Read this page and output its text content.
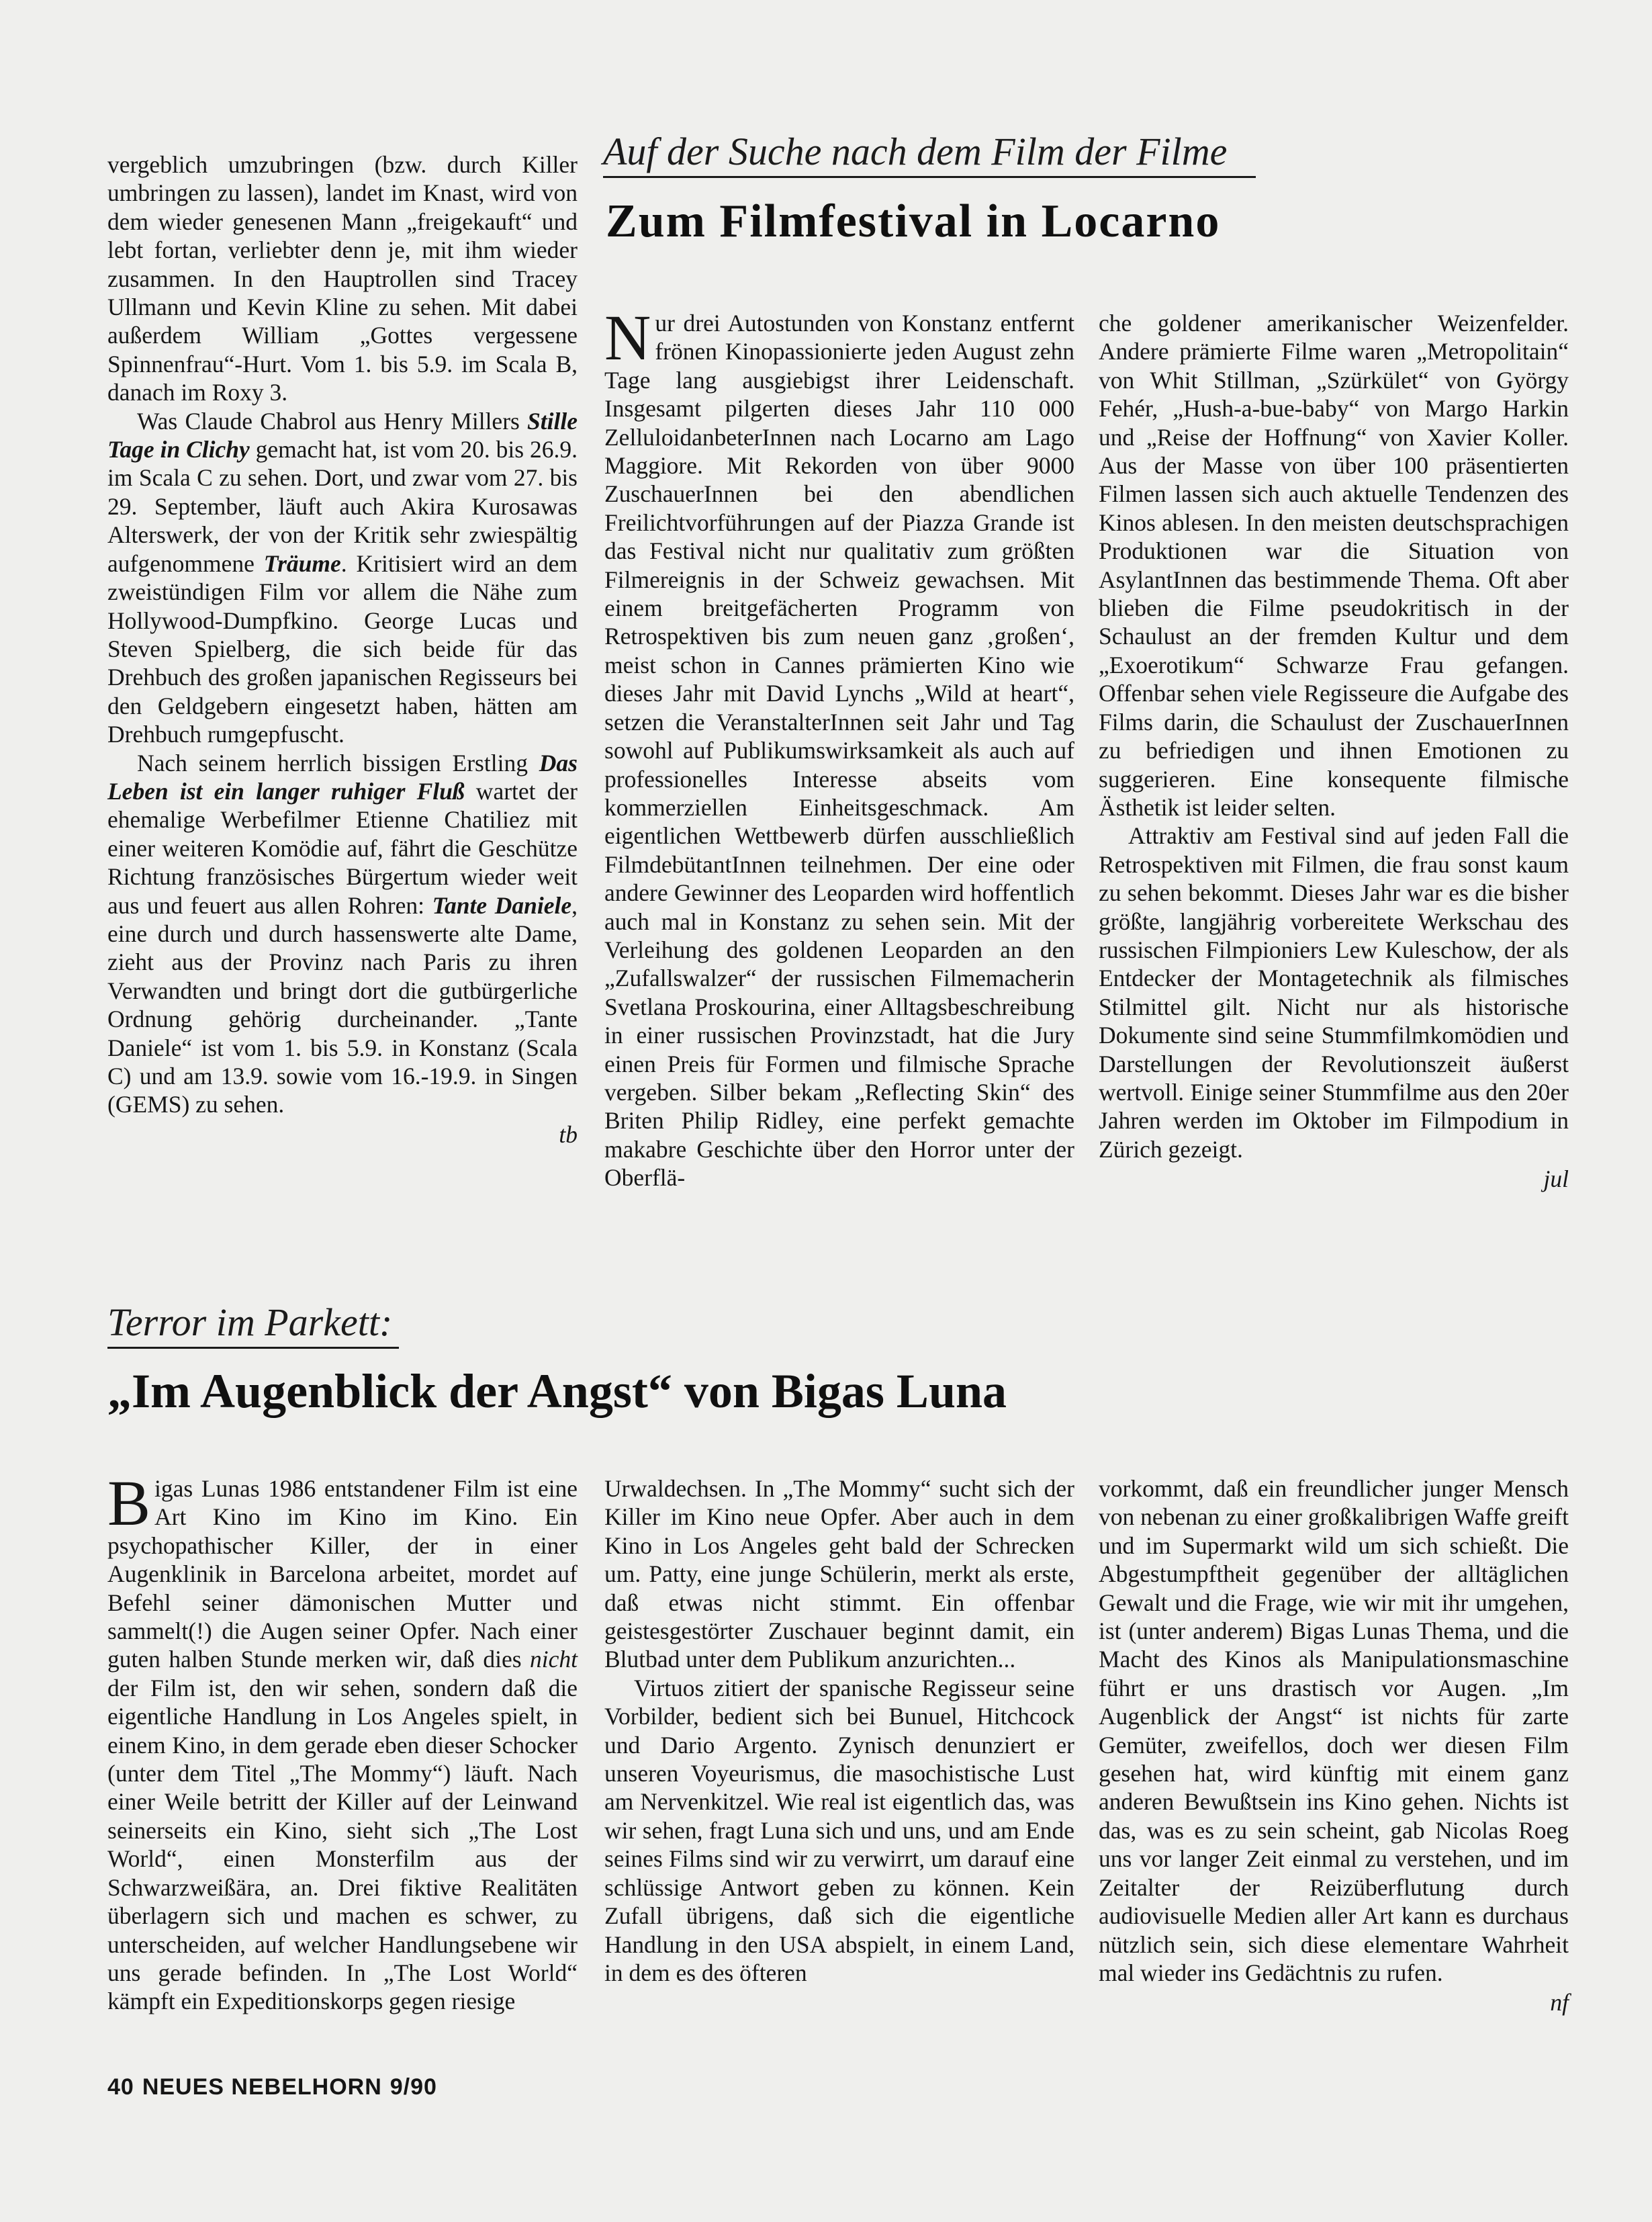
vergeblich umzubringen (bzw. durch Killer umbringen zu lassen), landet im Knast, wird von dem wieder genesenen Mann „freigekauft“ und lebt fortan, verliebter denn je, mit ihm wieder zusammen. In den Hauptrollen sind Tracey Ullmann und Kevin Kline zu sehen. Mit dabei außerdem William „Gottes vergessene Spinnenfrau“-Hurt. Vom 1. bis 5.9. im Scala B, danach im Roxy 3.

Was Claude Chabrol aus Henry Millers Stille Tage in Clichy gemacht hat, ist vom 20. bis 26.9. im Scala C zu sehen. Dort, und zwar vom 27. bis 29. September, läuft auch Akira Kurosawas Alterswerk, der von der Kritik sehr zwiespältig aufgenommene Träume. Kritisiert wird an dem zweistündigen Film vor allem die Nähe zum Hollywood-Dumpfkino. George Lucas und Steven Spielberg, die sich beide für das Drehbuch des großen japanischen Regisseurs bei den Geldgebern eingesetzt haben, hätten am Drehbuch rumgepfuscht.

Nach seinem herrlich bissigen Erstling Das Leben ist ein langer ruhiger Fluß wartet der ehemalige Werbefilmer Etienne Chatiliez mit einer weiteren Komödie auf, fährt die Geschütze Richtung französisches Bürgertum wieder weit aus und feuert aus allen Rohren: Tante Daniele, eine durch und durch hassenswerte alte Dame, zieht aus der Provinz nach Paris zu ihren Verwandten und bringt dort die gutbürgerliche Ordnung gehörig durcheinander. „Tante Daniele“ ist vom 1. bis 5.9. in Konstanz (Scala C) und am 13.9. sowie vom 16.-19.9. in Singen (GEMS) zu sehen.

tb
Auf der Suche nach dem Film der Filme
Zum Filmfestival in Locarno

Nur drei Autostunden von Konstanz entfernt frönen Kinopassionierte jeden August zehn Tage lang ausgiebigst ihrer Leidenschaft. Insgesamt pilgerten dieses Jahr 110 000 ZelluloidanbeterInnen nach Locarno am Lago Maggiore. Mit Rekorden von über 9000 ZuschauerInnen bei den abendlichen Freilichtvorführungen auf der Piazza Grande ist das Festival nicht nur qualitativ zum größten Filmereignis in der Schweiz gewachsen. Mit einem breitgefächerten Programm von Retrospektiven bis zum neuen ganz ‚großen‘, meist schon in Cannes prämierten Kino wie dieses Jahr mit David Lynchs „Wild at heart“, setzen die VeranstalterInnen seit Jahr und Tag sowohl auf Publikumswirksamkeit als auch auf professionelles Interesse abseits vom kommerziellen Einheitsgeschmack. Am eigentlichen Wettbewerb dürfen ausschließlich FilmdebütantInnen teilnehmen. Der eine oder andere Gewinner des Leoparden wird hoffentlich auch mal in Konstanz zu sehen sein. Mit der Verleihung des goldenen Leoparden an den „Zufallswalzer“ der russischen Filmemacherin Svetlana Proskourina, einer Alltagsbeschreibung in einer russischen Provinzstadt, hat die Jury einen Preis für Formen und filmische Sprache vergeben. Silber bekam „Reflecting Skin“ des Briten Philip Ridley, eine perfekt gemachte makabre Geschichte über den Horror unter der Oberflä-

che goldener amerikanischer Weizenfelder. Andere prämierte Filme waren „Metropolitain“ von Whit Stillman, „Szürkület“ von György Fehér, „Hush-a-bue-baby“ von Margo Harkin und „Reise der Hoffnung“ von Xavier Koller. Aus der Masse von über 100 präsentierten Filmen lassen sich auch aktuelle Tendenzen des Kinos ablesen. In den meisten deutschsprachigen Produktionen war die Situation von AsylantInnen das bestimmende Thema. Oft aber blieben die Filme pseudokritisch in der Schaulust an der fremden Kultur und dem „Exoerotikum“ Schwarze Frau gefangen. Offenbar sehen viele Regisseure die Aufgabe des Films darin, die Schaulust der ZuschauerInnen zu befriedigen und ihnen Emotionen zu suggerieren. Eine konsequente filmische Ästhetik ist leider selten.

Attraktiv am Festival sind auf jeden Fall die Retrospektiven mit Filmen, die frau sonst kaum zu sehen bekommt. Dieses Jahr war es die bisher größte, langjährig vorbereitete Werkschau des russischen Filmpioniers Lew Kuleschow, der als Entdecker der Montagetechnik als filmisches Stilmittel gilt. Nicht nur als historische Dokumente sind seine Stummfilmkomödien und Darstellungen der Revolutionszeit äußerst wertvoll. Einige seiner Stummfilme aus den 20er Jahren werden im Oktober im Filmpodium in Zürich gezeigt.

jul
Terror im Parkett:
„Im Augenblick der Angst“ von Bigas Luna

Bigas Lunas 1986 entstandener Film ist eine Art Kino im Kino im Kino. Ein psychopathischer Killer, der in einer Augenklinik in Barcelona arbeitet, mordet auf Befehl seiner dämonischen Mutter und sammelt(!) die Augen seiner Opfer. Nach einer guten halben Stunde merken wir, daß dies nicht der Film ist, den wir sehen, sondern daß die eigentliche Handlung in Los Angeles spielt, in einem Kino, in dem gerade eben dieser Schocker (unter dem Titel „The Mommy“) läuft. Nach einer Weile betritt der Killer auf der Leinwand seinerseits ein Kino, sieht sich „The Lost World“, einen Monsterfilm aus der Schwarzweißära, an. Drei fiktive Realitäten überlagern sich und machen es schwer, zu unterscheiden, auf welcher Handlungsebene wir uns gerade befinden. In „The Lost World“ kämpft ein Expeditionskorps gegen riesige

Urwaldechsen. In „The Mommy“ sucht sich der Killer im Kino neue Opfer. Aber auch in dem Kino in Los Angeles geht bald der Schrecken um. Patty, eine junge Schülerin, merkt als erste, daß etwas nicht stimmt. Ein offenbar geistesgestörter Zuschauer beginnt damit, ein Blutbad unter dem Publikum anzurichten...

Virtuos zitiert der spanische Regisseur seine Vorbilder, bedient sich bei Bunuel, Hitchcock und Dario Argento. Zynisch denunziert er unseren Voyeurismus, die masochistische Lust am Nervenkitzel. Wie real ist eigentlich das, was wir sehen, fragt Luna sich und uns, und am Ende seines Films sind wir zu verwirrt, um darauf eine schlüssige Antwort geben zu können. Kein Zufall übrigens, daß sich die eigentliche Handlung in den USA abspielt, in einem Land, in dem es des öfteren

vorkommt, daß ein freundlicher junger Mensch von nebenan zu einer großkalibrigen Waffe greift und im Supermarkt wild um sich schießt. Die Abgestumpftheit gegenüber der alltäglichen Gewalt und die Frage, wie wir mit ihr umgehen, ist (unter anderem) Bigas Lunas Thema, und die Macht des Kinos als Manipulationsmaschine führt er uns drastisch vor Augen. „Im Augenblick der Angst“ ist nichts für zarte Gemüter, zweifellos, doch wer diesen Film gesehen hat, wird künftig mit einem ganz anderen Bewußtsein ins Kino gehen. Nichts ist das, was es zu sein scheint, gab Nicolas Roeg uns vor langer Zeit einmal zu verstehen, und im Zeitalter der Reizüberflutung durch audiovisuelle Medien aller Art kann es durchaus nützlich sein, sich diese elementare Wahrheit mal wieder ins Gedächtnis zu rufen.

nf
40 NEUES NEBELHORN 9/90
